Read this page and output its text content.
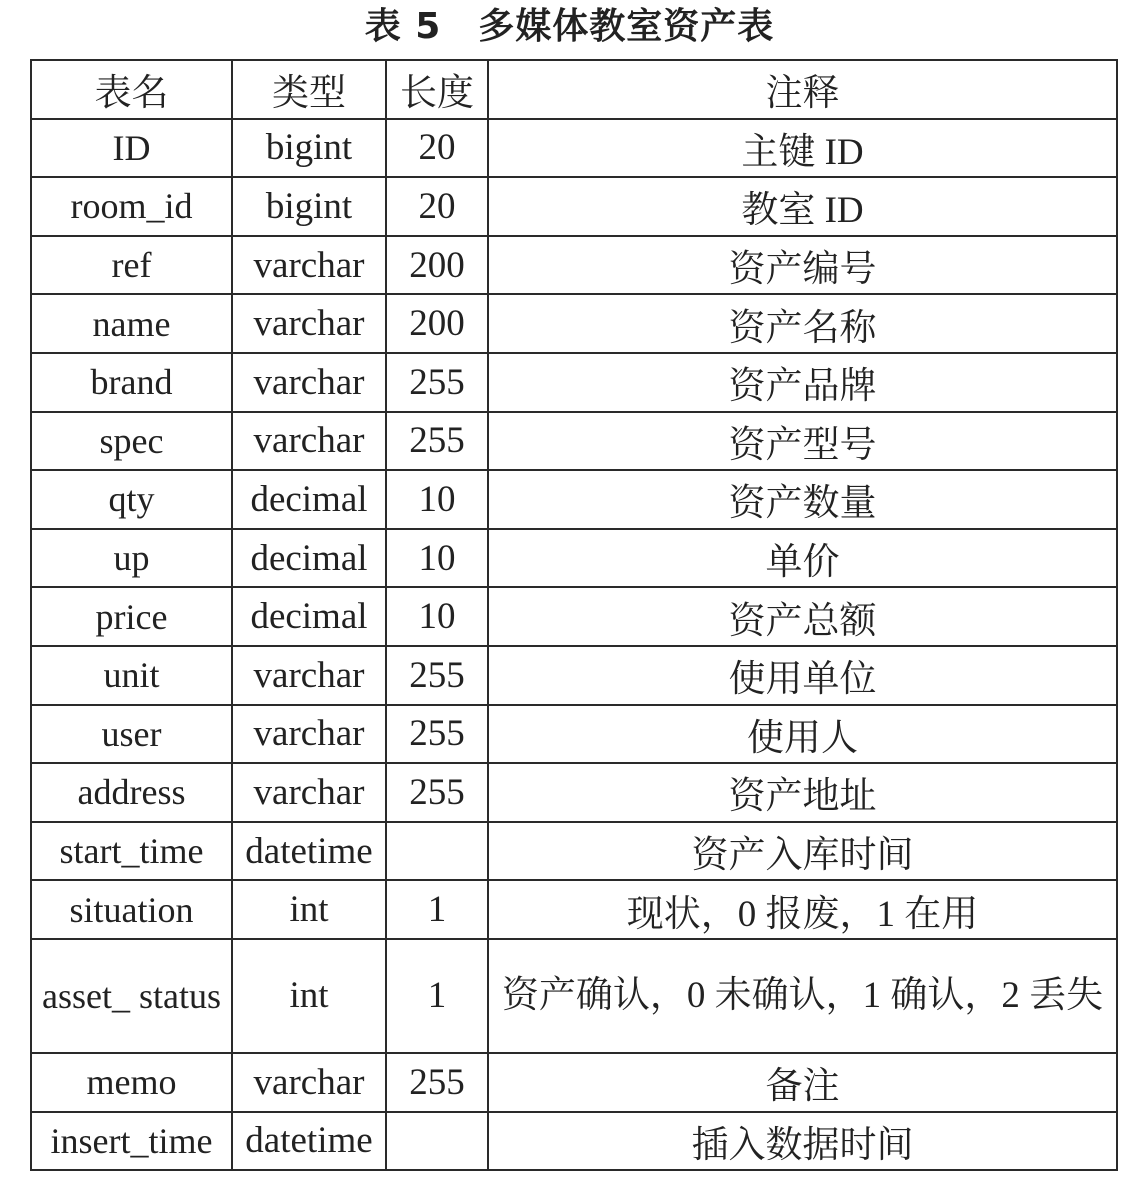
表 5　多媒体教室资产表
表名	类型	长度	注释
ID	bigint	20	主键 ID
room_id	bigint	20	教室 ID
ref	varchar	200	资产编号
name	varchar	200	资产名称
brand	varchar	255	资产品牌
spec	varchar	255	资产型号
qty	decimal	10	资产数量
up	decimal	10	单价
price	decimal	10	资产总额
unit	varchar	255	使用单位
user	varchar	255	使用人
address	varchar	255	资产地址
start_time	datetime		资产入库时间
situation	int	1	现状，0 报废，1 在用
asset_ status	int	1	资产确认，0 未确认，1 确认，2 丢失
memo	varchar	255	备注
insert_time	datetime		插入数据时间
